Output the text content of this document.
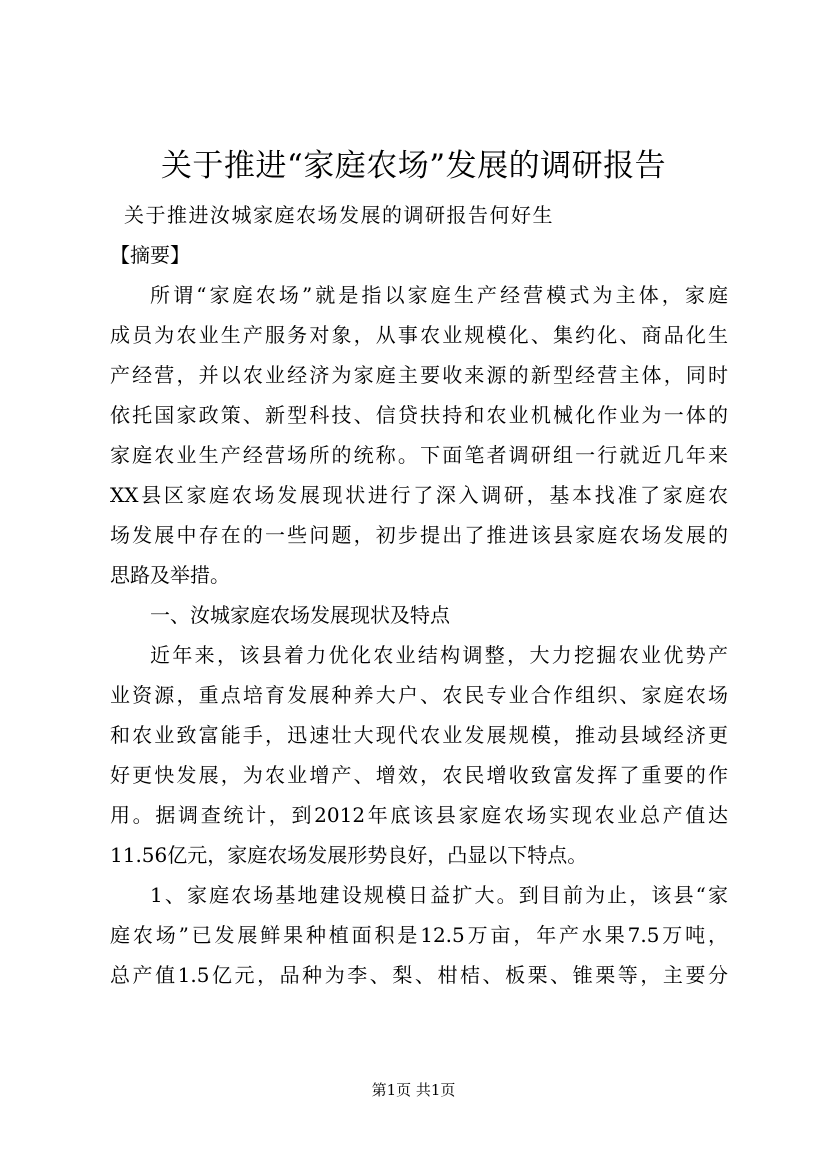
关于推进“家庭农场”发展的调研报告
关于推进汝城家庭农场发展的调研报告何好生
【摘要】
所谓“家庭农场”就是指以家庭生产经营模式为主体，家庭
成员为农业生产服务对象，从事农业规模化、集约化、商品化生
产经营，并以农业经济为家庭主要收来源的新型经营主体，同时
依托国家政策、新型科技、信贷扶持和农业机械化作业为一体的
家庭农业生产经营场所的统称。下面笔者调研组一行就近几年来
XX县区家庭农场发展现状进行了深入调研，基本找准了家庭农
场发展中存在的一些问题，初步提出了推进该县家庭农场发展的
思路及举措。
一、汝城家庭农场发展现状及特点
近年来，该县着力优化农业结构调整，大力挖掘农业优势产
业资源，重点培育发展种养大户、农民专业合作组织、家庭农场
和农业致富能手，迅速壮大现代农业发展规模，推动县域经济更
好更快发展，为农业增产、增效，农民增收致富发挥了重要的作
用。据调查统计，到2012年底该县家庭农场实现农业总产值达
11.56亿元，家庭农场发展形势良好，凸显以下特点。
1、家庭农场基地建设规模日益扩大。到目前为止，该县“家
庭农场”已发展鲜果种植面积是12.5万亩，年产水果7.5万吨，
总产值1.5亿元，品种为李、梨、柑桔、板栗、锥栗等，主要分
第1页 共1页
